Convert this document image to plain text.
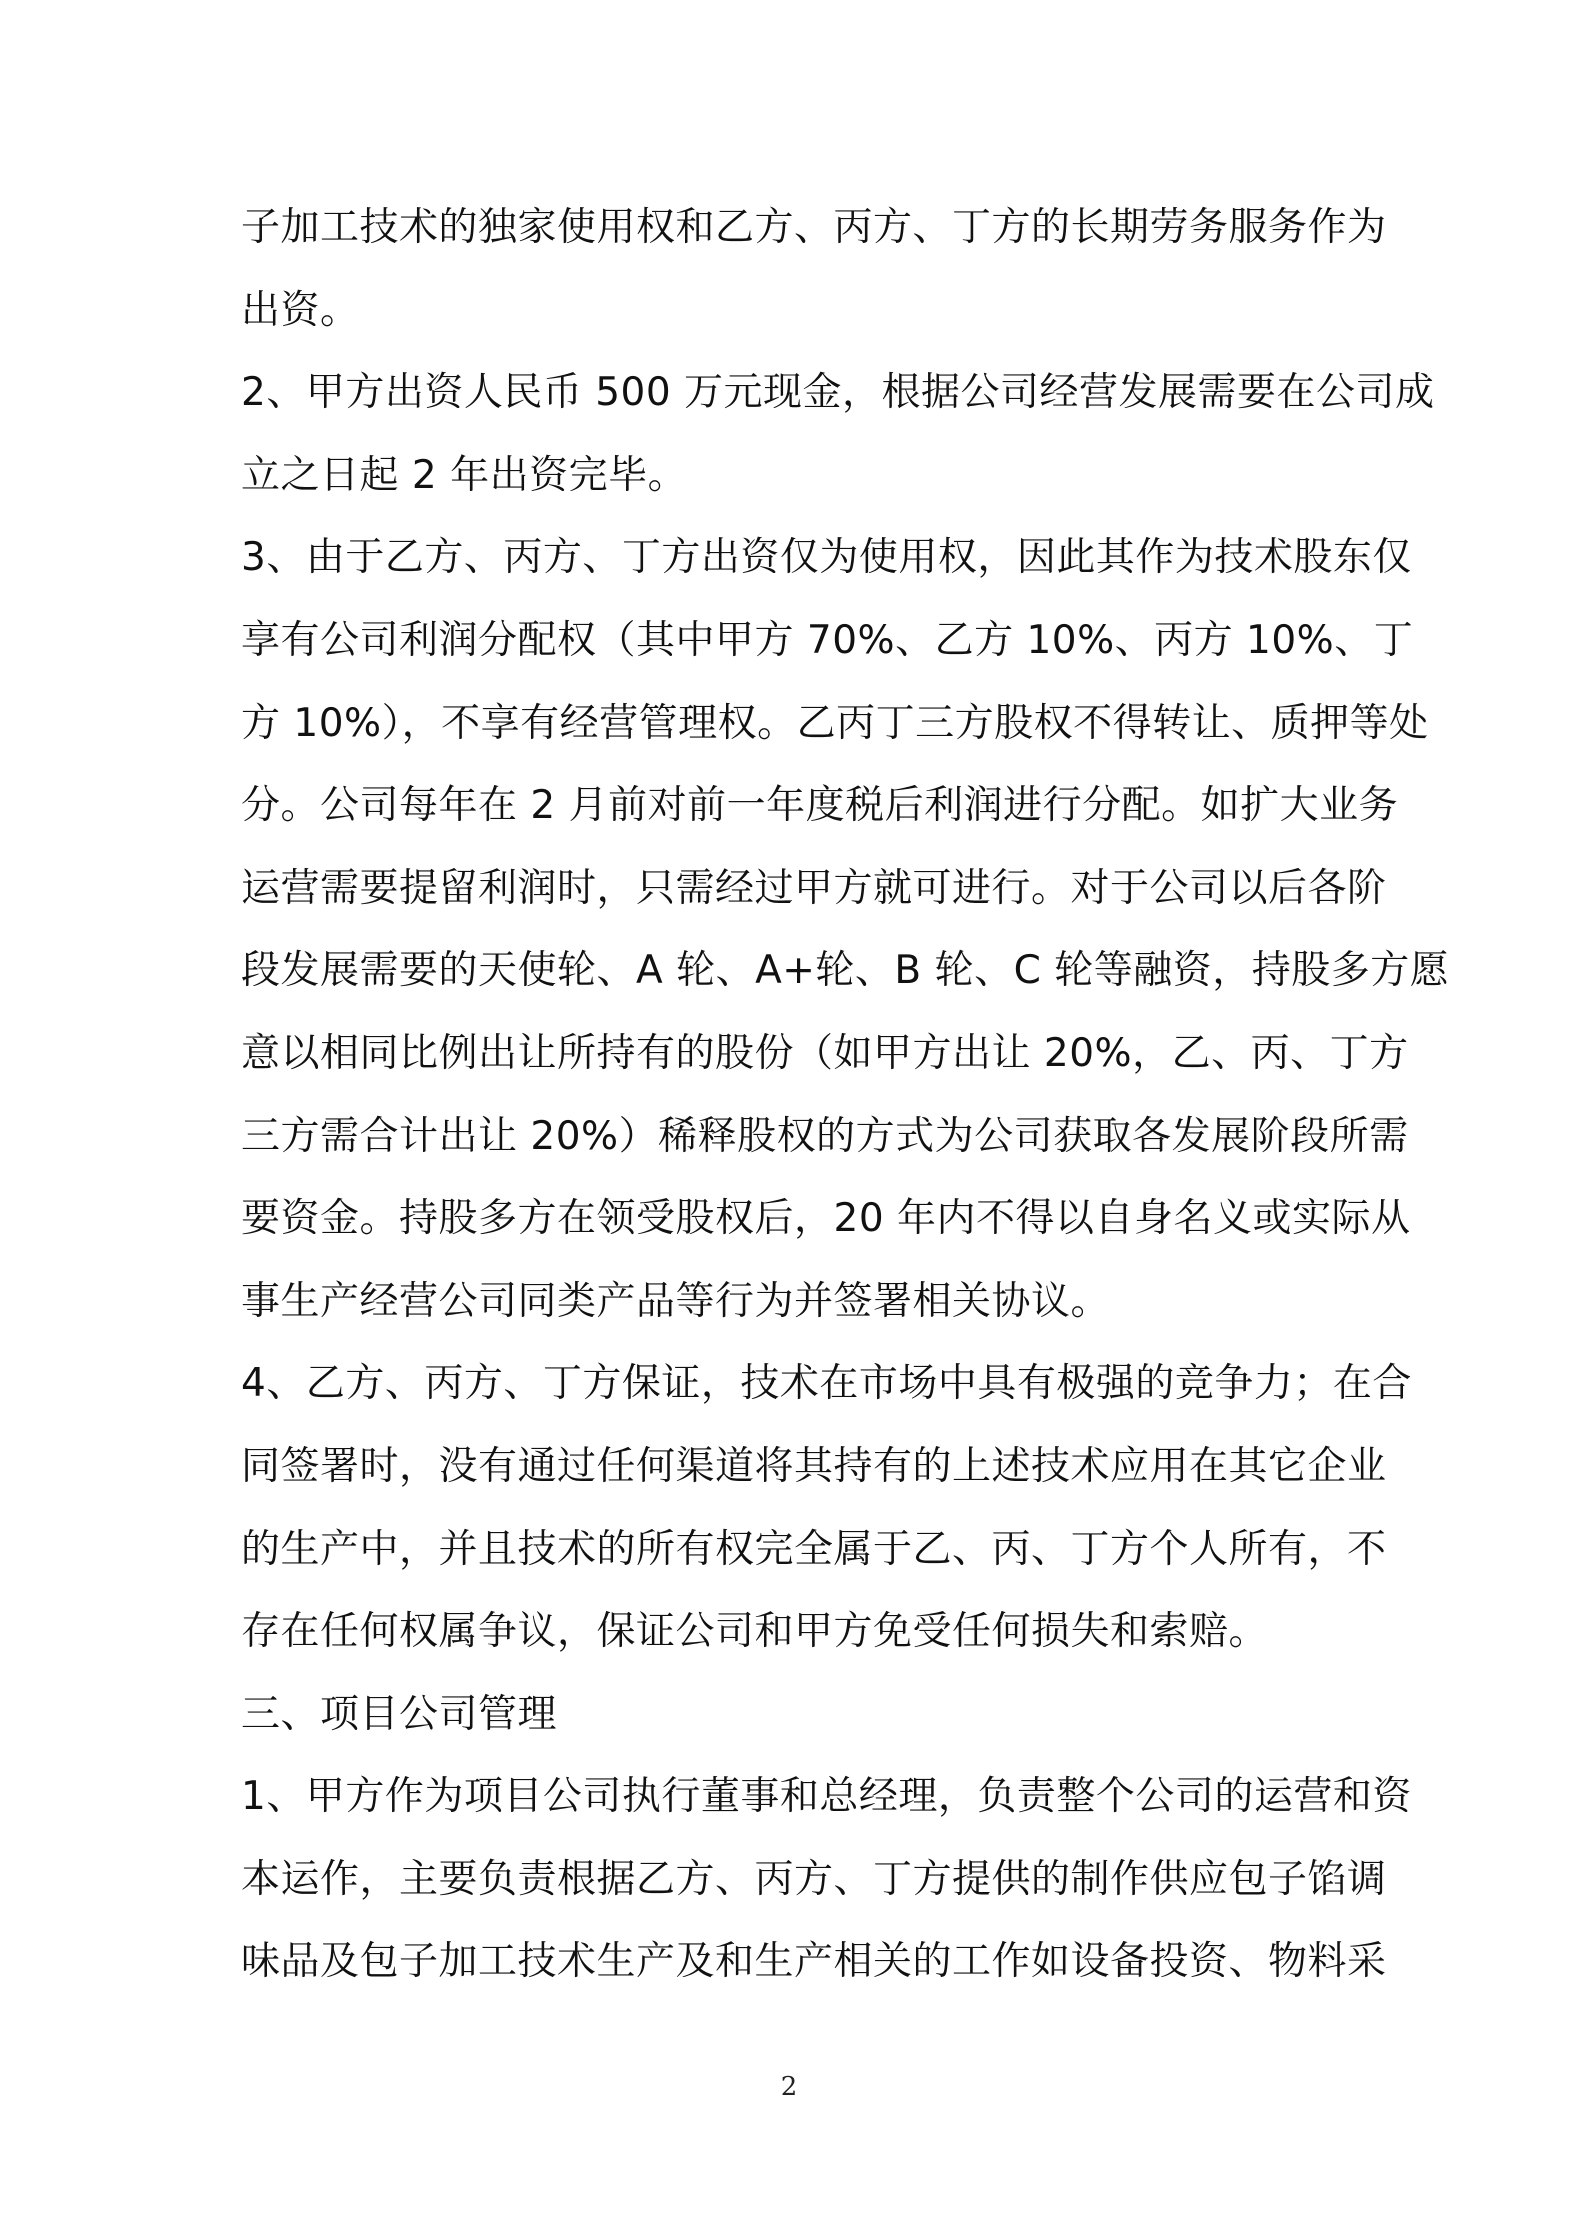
子加工技术的独家使用权和乙方、丙方、丁方的长期劳务服务作为

出资。

2、甲方出资人民币 500 万元现金，根据公司经营发展需要在公司成

立之日起 2 年出资完毕。

3、由于乙方、丙方、丁方出资仅为使用权，因此其作为技术股东仅

享有公司利润分配权（其中甲方 70%、乙方 10%、丙方 10%、丁

方 10%），不享有经营管理权。乙丙丁三方股权不得转让、质押等处

分。公司每年在 2 月前对前一年度税后利润进行分配。如扩大业务

运营需要提留利润时，只需经过甲方就可进行。对于公司以后各阶

段发展需要的天使轮、A 轮、A+轮、B 轮、C 轮等融资，持股多方愿

意以相同比例出让所持有的股份（如甲方出让 20%，乙、丙、丁方

三方需合计出让 20%）稀释股权的方式为公司获取各发展阶段所需

要资金。持股多方在领受股权后，20 年内不得以自身名义或实际从

事生产经营公司同类产品等行为并签署相关协议。

4、乙方、丙方、丁方保证，技术在市场中具有极强的竞争力；在合

同签署时，没有通过任何渠道将其持有的上述技术应用在其它企业

的生产中，并且技术的所有权完全属于乙、丙、丁方个人所有，不

存在任何权属争议，保证公司和甲方免受任何损失和索赔。

三、项目公司管理

1、甲方作为项目公司执行董事和总经理，负责整个公司的运营和资

本运作，主要负责根据乙方、丙方、丁方提供的制作供应包子馅调

味品及包子加工技术生产及和生产相关的工作如设备投资、物料采

2
